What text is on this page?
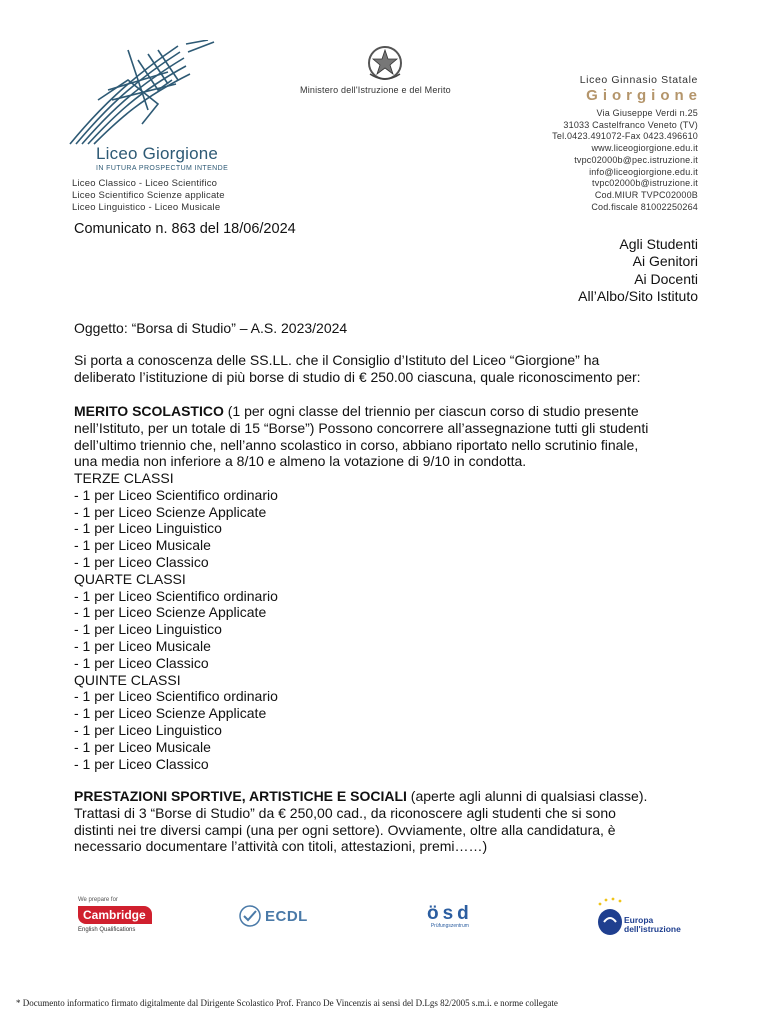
Liceo Giorgione
IN FUTURA PROSPECTUM INTENDE
Liceo Classico - Liceo Scientifico
Liceo Scientifico Scienze applicate
Liceo Linguistico - Liceo Musicale
Ministero dell'Istruzione e del Merito
Liceo Ginnasio Statale
Giorgione
Via Giuseppe Verdi n.25
31033 Castelfranco Veneto (TV)
Tel.0423.491072-Fax 0423.496610
www.liceogiorgione.edu.it
tvpc02000b@pec.istruzione.it
info@liceogiorgione.edu.it
tvpc02000b@istruzione.it
Cod.MIUR TVPC02000B
Cod.fiscale 81002250264
Comunicato n. 863 del 18/06/2024
Agli Studenti
Ai Genitori
Ai Docenti
All’Albo/Sito Istituto
Oggetto: “Borsa di Studio” – A.S. 2023/2024
Si porta a conoscenza delle SS.LL. che il Consiglio d’Istituto del Liceo “Giorgione” ha
deliberato l’istituzione di più borse di studio di € 250.00 ciascuna, quale riconoscimento per:
MERITO SCOLASTICO (1 per ogni classe del triennio per ciascun corso di studio presente
nell’Istituto, per un totale di 15 “Borse”) Possono concorrere all’assegnazione tutti gli studenti
dell’ultimo triennio che, nell’anno scolastico in corso, abbiano riportato nello scrutinio finale,
una media non inferiore a 8/10 e almeno la votazione di 9/10 in condotta.
TERZE CLASSI
- 1 per Liceo Scientifico ordinario
- 1 per Liceo Scienze Applicate
- 1 per Liceo Linguistico
- 1 per Liceo Musicale
- 1 per Liceo Classico
QUARTE CLASSI
- 1 per Liceo Scientifico ordinario
- 1 per Liceo Scienze Applicate
- 1 per Liceo Linguistico
- 1 per Liceo Musicale
- 1 per Liceo Classico
QUINTE CLASSI
- 1 per Liceo Scientifico ordinario
- 1 per Liceo Scienze Applicate
- 1 per Liceo Linguistico
- 1 per Liceo Musicale
- 1 per Liceo Classico
PRESTAZIONI SPORTIVE, ARTISTICHE E SOCIALI (aperte agli alunni di qualsiasi classe).
Trattasi di 3 “Borse di Studio” da € 250,00 cad., da riconoscere agli studenti che si sono
distinti nei tre diversi campi (una per ogni settore). Ovviamente, oltre alla candidatura, è
necessario documentare l’attività con titoli, attestazioni, premi……)
We prepare for
Cambridge
English Qualifications
ECDL	ösd
Prüfungszentrum
Europa
dell'istruzione
* Documento informatico firmato digitalmente dal Dirigente Scolastico Prof. Franco De Vincenzis ai sensi del D.Lgs 82/2005 s.m.i. e norme collegate
